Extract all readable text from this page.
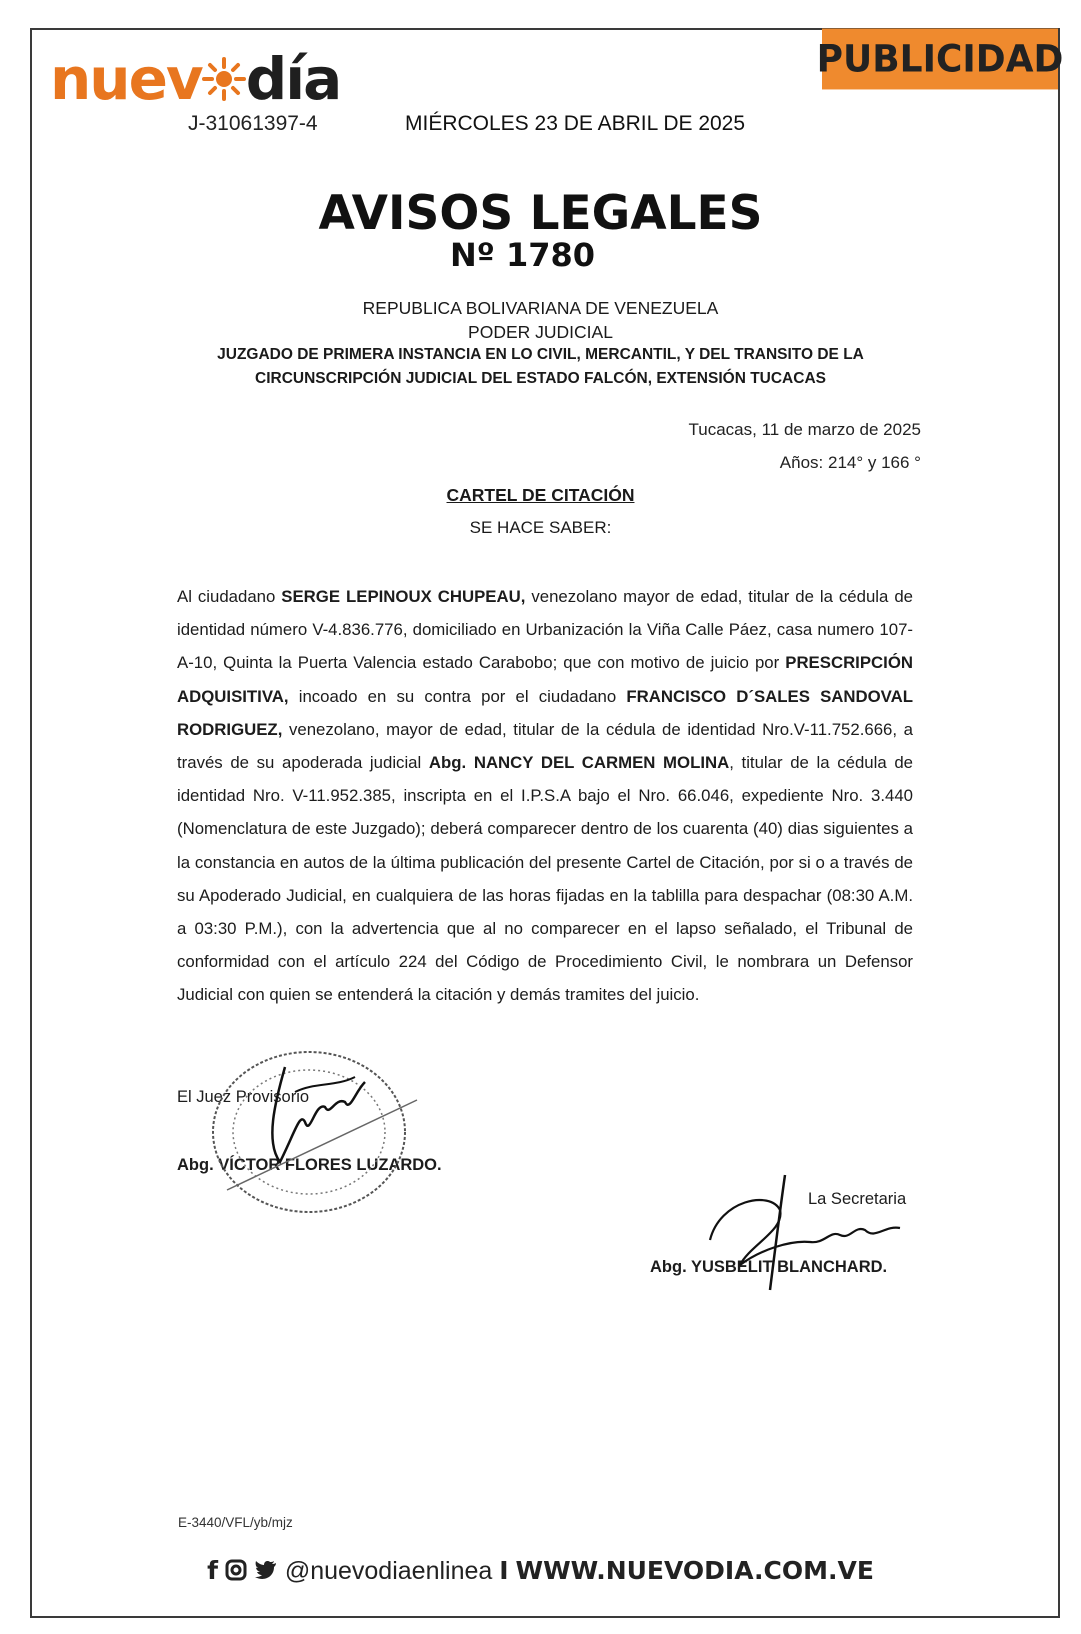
nuev día
J-31061397-4	MIÉRCOLES 23 DE ABRIL DE 2025
PUBLICIDAD
AVISOS LEGALES
Nº 1780
REPUBLICA BOLIVARIANA DE VENEZUELA
PODER JUDICIAL
JUZGADO DE PRIMERA INSTANCIA EN LO CIVIL, MERCANTIL, Y DEL TRANSITO DE LA
CIRCUNSCRIPCIÓN JUDICIAL DEL ESTADO FALCÓN, EXTENSIÓN TUCACAS
Tucacas, 11 de marzo de 2025
Años: 214° y 166 °
CARTEL DE CITACIÓN
SE HACE SABER:
Al ciudadano SERGE LEPINOUX CHUPEAU, venezolano mayor de edad, titular de la cédula de identidad número V-4.836.776, domiciliado en Urbanización la Viña Calle Páez, casa numero 107-A-10, Quinta la Puerta Valencia estado Carabobo; que con motivo de juicio por PRESCRIPCIÓN ADQUISITIVA, incoado en su contra por el ciudadano FRANCISCO D´SALES SANDOVAL RODRIGUEZ, venezolano, mayor de edad, titular de la cédula de identidad Nro.V-11.752.666, a través de su apoderada judicial Abg. NANCY DEL CARMEN MOLINA, titular de la cédula de identidad Nro. V-11.952.385, inscripta en el I.P.S.A bajo el Nro. 66.046, expediente Nro. 3.440 (Nomenclatura de este Juzgado); deberá comparecer dentro de los cuarenta (40) dias siguientes a la constancia en autos de la última publicación del presente Cartel de Citación, por si o a través de su Apoderado Judicial, en cualquiera de las horas fijadas en la tablilla para despachar (08:30 A.M. a 03:30 P.M.), con la advertencia que al no comparecer en el lapso señalado, el Tribunal de conformidad con el artículo 224 del Código de Procedimiento Civil, le nombrara un Defensor Judicial con quien se entenderá la citación y demás tramites del juicio.
El Juez Provisorio
Abg. VÍCTOR FLORES LUZARDO.
La Secretaria
Abg. YUSBELIT BLANCHARD.
E-3440/VFL/yb/mjz
f	@nuevodiaenlinea I WWW.NUEVODIA.COM.VE
